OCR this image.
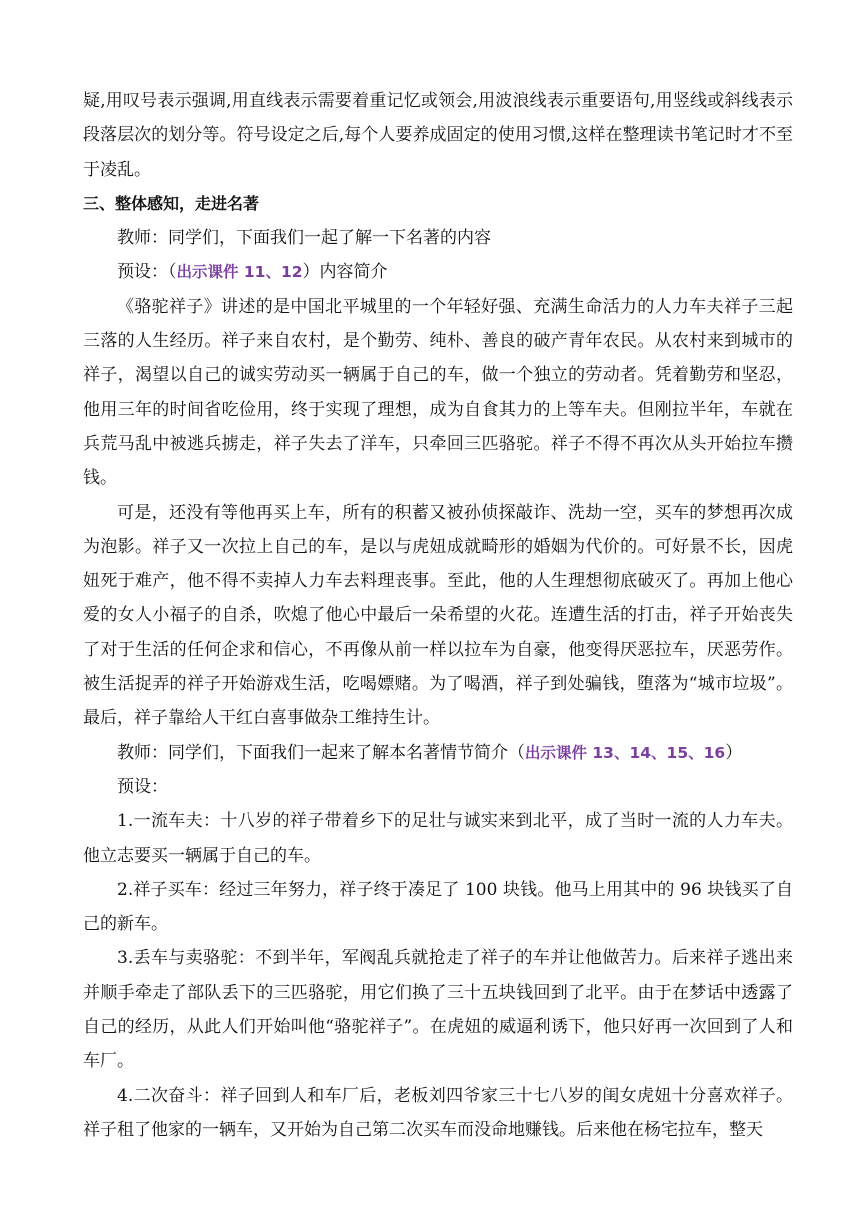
疑,用叹号表示强调,用直线表示需要着重记忆或领会,用波浪线表示重要语句,用竖线或斜线表示段落层次的划分等。符号设定之后,每个人要养成固定的使用习惯,这样在整理读书笔记时才不至于凌乱。

三、整体感知，走进名著

教师：同学们，下面我们一起了解一下名著的内容

预设：（出示课件 11、12）内容简介

《骆驼祥子》讲述的是中国北平城里的一个年轻好强、充满生命活力的人力车夫祥子三起三落的人生经历。祥子来自农村，是个勤劳、纯朴、善良的破产青年农民。从农村来到城市的祥子，渴望以自己的诚实劳动买一辆属于自己的车，做一个独立的劳动者。凭着勤劳和坚忍，他用三年的时间省吃俭用，终于实现了理想，成为自食其力的上等车夫。但刚拉半年，车就在兵荒马乱中被逃兵掳走，祥子失去了洋车，只牵回三匹骆驼。祥子不得不再次从头开始拉车攒钱。

可是，还没有等他再买上车，所有的积蓄又被孙侦探敲诈、洗劫一空，买车的梦想再次成为泡影。祥子又一次拉上自己的车，是以与虎妞成就畸形的婚姻为代价的。可好景不长，因虎妞死于难产，他不得不卖掉人力车去料理丧事。至此，他的人生理想彻底破灭了。再加上他心爱的女人小福子的自杀，吹熄了他心中最后一朵希望的火花。连遭生活的打击，祥子开始丧失了对于生活的任何企求和信心，不再像从前一样以拉车为自豪，他变得厌恶拉车，厌恶劳作。被生活捉弄的祥子开始游戏生活，吃喝嫖赌。为了喝酒，祥子到处骗钱，堕落为“城市垃圾”。最后，祥子靠给人干红白喜事做杂工维持生计。

教师：同学们，下面我们一起来了解本名著情节简介（出示课件 13、14、15、16）

预设：

1.一流车夫：十八岁的祥子带着乡下的足壮与诚实来到北平，成了当时一流的人力车夫。他立志要买一辆属于自己的车。

2.祥子买车：经过三年努力，祥子终于凑足了 100 块钱。他马上用其中的 96 块钱买了自己的新车。

3.丢车与卖骆驼：不到半年，军阀乱兵就抢走了祥子的车并让他做苦力。后来祥子逃出来并顺手牵走了部队丢下的三匹骆驼，用它们换了三十五块钱回到了北平。由于在梦话中透露了自己的经历，从此人们开始叫他“骆驼祥子”。在虎妞的威逼利诱下，他只好再一次回到了人和车厂。

4.二次奋斗：祥子回到人和车厂后，老板刘四爷家三十七八岁的闺女虎妞十分喜欢祥子。祥子租了他家的一辆车，又开始为自己第二次买车而没命地赚钱。后来他在杨宅拉车，整天
